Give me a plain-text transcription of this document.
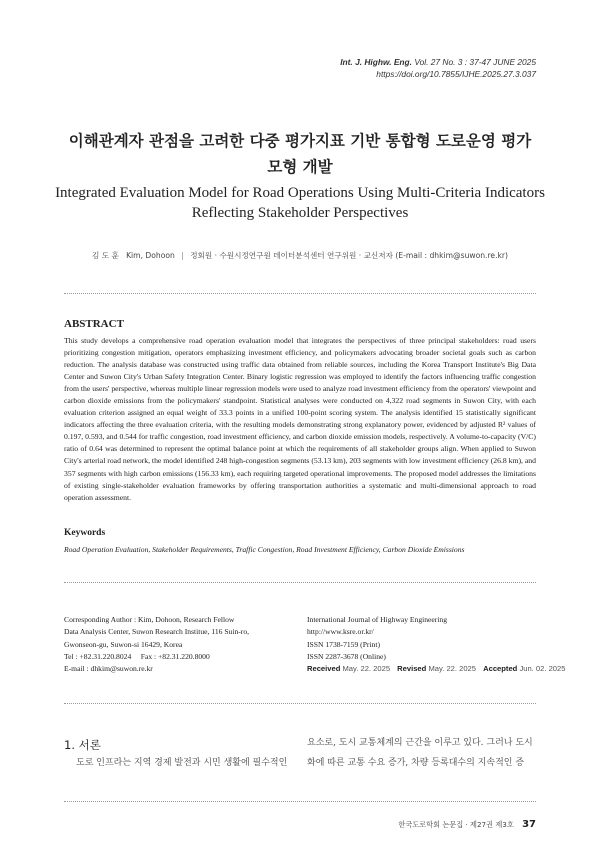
Int. J. Highw. Eng. Vol. 27 No. 3 : 37-47 JUNE 2025
https://doi.org/10.7855/IJHE.2025.27.3.037
이해관계자 관점을 고려한 다중 평가지표 기반 통합형 도로운영 평가
모형 개발
Integrated Evaluation Model for Road Operations Using Multi-Criteria Indicators
Reflecting Stakeholder Perspectives
김 도 훈 Kim, Dohoon | 정회원 · 수원시정연구원 데이터분석센터 연구위원 · 교신저자 (E-mail : dhkim@suwon.re.kr)
ABSTRACT

This study develops a comprehensive road operation evaluation model that integrates the perspectives of three principal stakeholders: road users prioritizing congestion mitigation, operators emphasizing investment efficiency, and policymakers advocating broader societal goals such as carbon reduction. The analysis database was constructed using traffic data obtained from reliable sources, including the Korea Transport Institute's Big Data Center and Suwon City's Urban Safety Integration Center. Binary logistic regression was employed to identify the factors influencing traffic congestion from the users' perspective, whereas multiple linear regression models were used to analyze road investment efficiency from the operators' viewpoint and carbon dioxide emissions from the policymakers' standpoint. Statistical analyses were conducted on 4,322 road segments in Suwon City, with each evaluation criterion assigned an equal weight of 33.3 points in a unified 100-point scoring system. The analysis identified 15 statistically significant indicators affecting the three evaluation criteria, with the resulting models demonstrating strong explanatory power, evidenced by adjusted R² values of 0.197, 0.593, and 0.544 for traffic congestion, road investment efficiency, and carbon dioxide emission models, respectively. A volume-to-capacity (V/C) ratio of 0.64 was determined to represent the optimal balance point at which the requirements of all stakeholder groups align. When applied to Suwon City's arterial road network, the model identified 248 high-congestion segments (53.13 km), 203 segments with low investment efficiency (26.8 km), and 357 segments with high carbon emissions (156.33 km), each requiring targeted operational improvements. The proposed model addresses the limitations of existing single-stakeholder evaluation frameworks by offering transportation authorities a systematic and multi-dimensional approach to road operation assessment.

Keywords
Road Operation Evaluation, Stakeholder Requirements, Traffic Congestion, Road Investment Efficiency, Carbon Dioxide Emissions
Corresponding Author : Kim, Dohoon, Research Fellow
Data Analysis Center, Suwon Research Institue, 116 Suin-ro,
Gwonseon-gu, Suwon-si 16429, Korea
Tel : +82.31.220.8024     Fax : +82.31.220.8000
E-mail : dhkim@suwon.re.kr
International Journal of Highway Engineering
http://www.ksre.or.kr/
ISSN 1738-7159 (Print)
ISSN 2287-3678 (Online)
Received May. 22. 2025 Revised May. 22. 2025 Accepted Jun. 02. 2025
1. 서론
도로 인프라는 지역 경제 발전과 시민 생활에 필수적인
요소로, 도시 교통체계의 근간을 이루고 있다. 그러나 도시
화에 따른 교통 수요 증가, 차량 등록대수의 지속적인 증
한국도로학회 논문집 · 제27권 제3호 37
